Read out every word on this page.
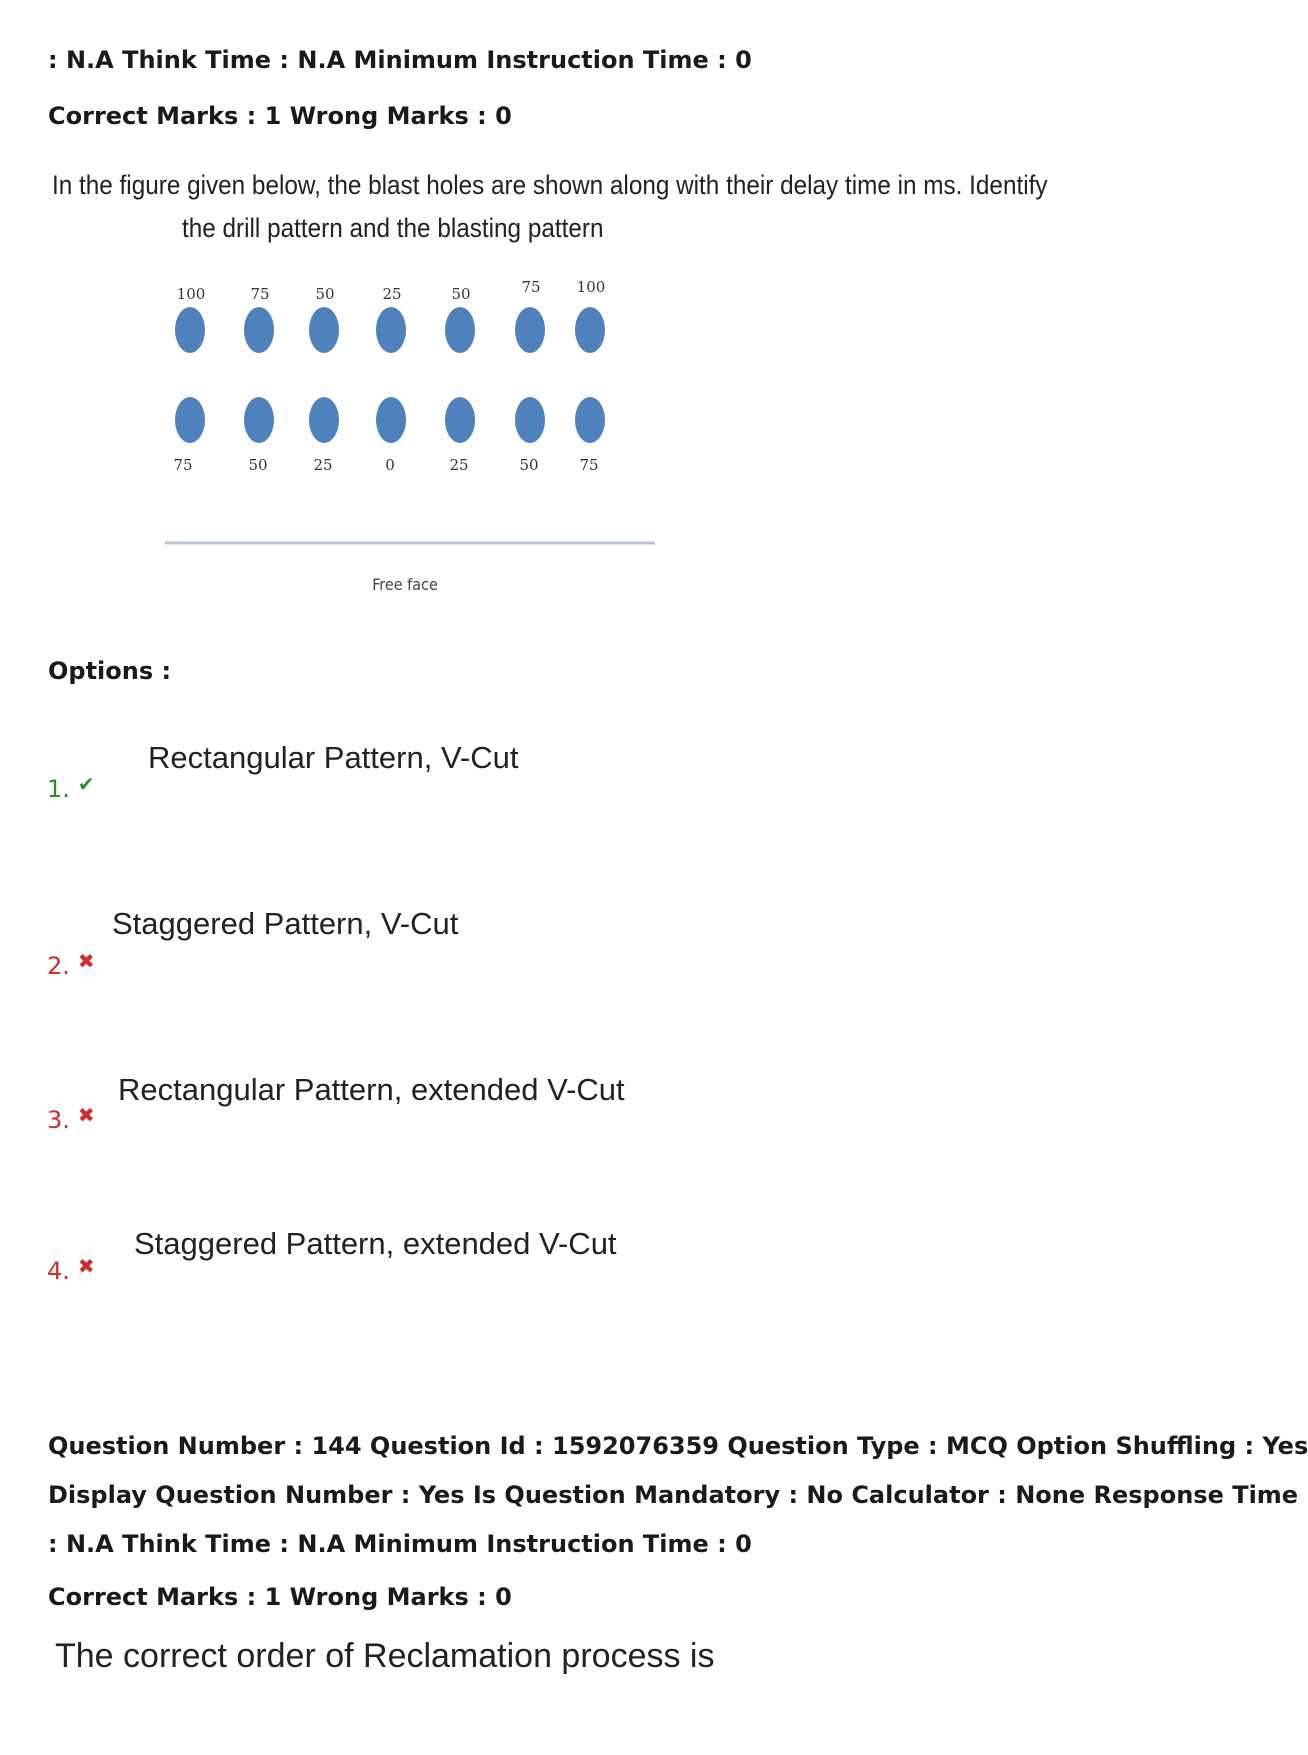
: N.A Think Time : N.A Minimum Instruction Time : 0

Correct Marks : 1 Wrong Marks : 0

In the figure given below, the blast holes are shown along with their delay time in ms. Identify
the drill pattern and the blasting pattern
100	75	50	25	50	75 100
75	50	25	0	25	50	75
Free face
Options :
1. ✔
Rectangular Pattern, V-Cut
2. ✖
Staggered Pattern, V-Cut
3. ✖
Rectangular Pattern, extended V-Cut
4. ✖
Staggered Pattern, extended V-Cut

Question Number : 144 Question Id : 1592076359 Question Type : MCQ Option Shuffling : Yes

Display Question Number : Yes Is Question Mandatory : No Calculator : None Response Time

: N.A Think Time : N.A Minimum Instruction Time : 0

Correct Marks : 1 Wrong Marks : 0

The correct order of Reclamation process is
